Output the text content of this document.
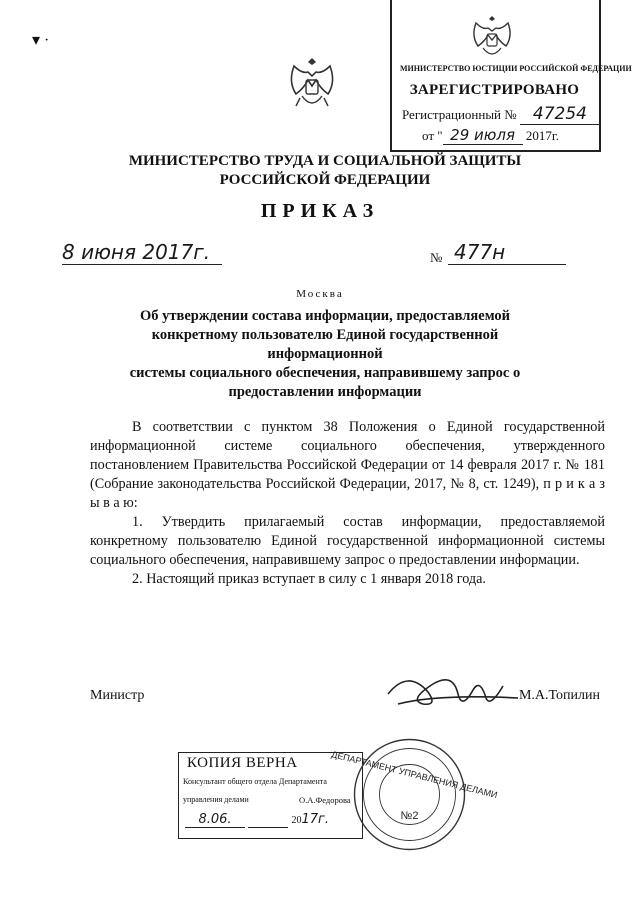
▾ ·
МИНИСТЕРСТВО ЮСТИЦИИ РОССИЙСКОЙ ФЕДЕРАЦИИ
ЗАРЕГИСТРИРОВАНО
Регистрационный № 47254
от " 29 июля 2017г.
МИНИСТЕРСТВО ТРУДА И СОЦИАЛЬНОЙ ЗАЩИТЫ
РОССИЙСКОЙ ФЕДЕРАЦИИ
ПРИКАЗ
8 июня 2017г.	№ 477н
Москва
Об утверждении состава информации, предоставляемой
конкретному пользователю Единой государственной информационной
системы социального обеспечения, направившему запрос о
предоставлении информации

В соответствии с пунктом 38 Положения о Единой государственной информационной системе социального обеспечения, утвержденного постановлением Правительства Российской Федерации от 14 февраля 2017 г. № 181 (Собрание законодательства Российской Федерации, 2017, № 8, ст. 1249), п р и к а з ы в а ю:

1. Утвердить прилагаемый состав информации, предоставляемой конкретному пользователю Единой государственной информационной системы социального обеспечения, направившему запрос о предоставлении информации.

2. Настоящий приказ вступает в силу с 1 января 2018 года.

Министр	М.А.Топилин
КОПИЯ ВЕРНА
Консультант общего отдела Департамента
управления делами	О.А.Федорова
8.06.	2017г.
ДЕПАРТАМЕНТ УПРАВЛЕНИЯ ДЕЛАМИ
№2
